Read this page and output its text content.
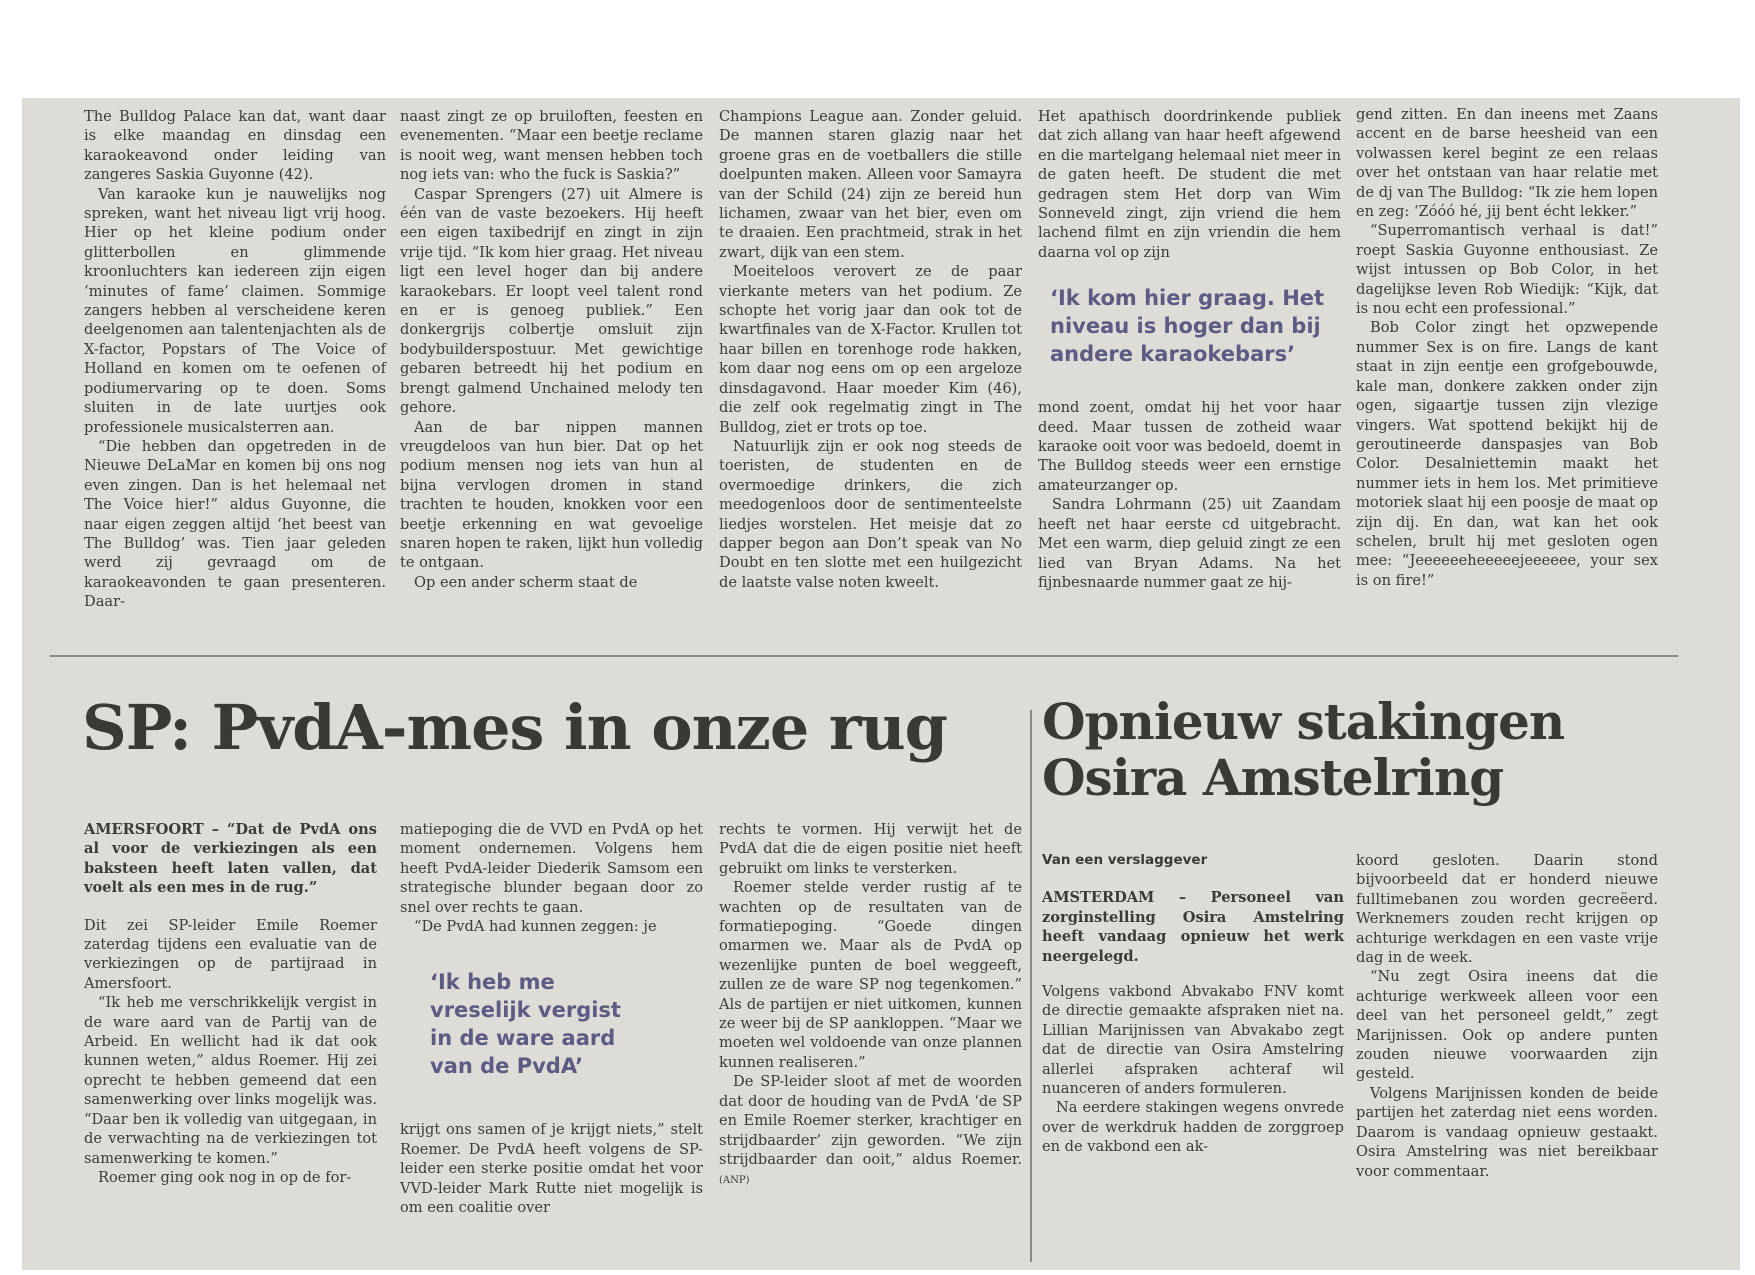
The Bulldog Palace kan dat, want daar is elke maandag en dinsdag een karaokeavond onder leiding van zangeres Saskia Guyonne (42).

Van karaoke kun je nauwelijks nog spreken, want het niveau ligt vrij hoog. Hier op het kleine podium onder glitterbollen en glimmende kroonluchters kan iedereen zijn eigen ‘minutes of fame’ claimen. Sommige zangers hebben al verscheidene keren deelgenomen aan talentenjachten als de X-factor, Popstars of The Voice of Holland en komen om te oefenen of podiumervaring op te doen. Soms sluiten in de late uurtjes ook professionele musicalsterren aan.

“Die hebben dan opgetreden in de Nieuwe DeLaMar en komen bij ons nog even zingen. Dan is het helemaal net The Voice hier!” aldus Guyonne, die naar eigen zeggen altijd ‘het beest van The Bulldog’ was. Tien jaar geleden werd zij gevraagd om de karaokeavonden te gaan presenteren. Daar-

naast zingt ze op bruiloften, feesten en evenementen. “Maar een beetje reclame is nooit weg, want mensen hebben toch nog iets van: who the fuck is Saskia?”

Caspar Sprengers (27) uit Almere is één van de vaste bezoekers. Hij heeft een eigen taxibedrijf en zingt in zijn vrije tijd. “Ik kom hier graag. Het niveau ligt een level hoger dan bij andere karaokebars. Er loopt veel talent rond en er is genoeg publiek.” Een donkergrijs colbertje omsluit zijn bodybuilderspostuur. Met gewichtige gebaren betreedt hij het podium en brengt galmend Unchained melody ten gehore.

Aan de bar nippen mannen vreugdeloos van hun bier. Dat op het podium mensen nog iets van hun al bijna vervlogen dromen in stand trachten te houden, knokken voor een beetje erkenning en wat gevoelige snaren hopen te raken, lijkt hun volledig te ontgaan.

Op een ander scherm staat de

Champions League aan. Zonder geluid. De mannen staren glazig naar het groene gras en de voetballers die stille doelpunten maken. Alleen voor Samayra van der Schild (24) zijn ze bereid hun lichamen, zwaar van het bier, even om te draaien. Een prachtmeid, strak in het zwart, dijk van een stem.

Moeiteloos verovert ze de paar vierkante meters van het podium. Ze schopte het vorig jaar dan ook tot de kwartfinales van de X-Factor. Krullen tot haar billen en torenhoge rode hakken, kom daar nog eens om op een argeloze dinsdagavond. Haar moeder Kim (46), die zelf ook regelmatig zingt in The Bulldog, ziet er trots op toe.

Natuurlijk zijn er ook nog steeds de toeristen, de studenten en de overmoedige drinkers, die zich meedogenloos door de sentimenteelste liedjes worstelen. Het meisje dat zo dapper begon aan Don’t speak van No Doubt en ten slotte met een huilgezicht de laatste valse noten kweelt.

Het apathisch doordrinkende publiek dat zich allang van haar heeft afgewend en die martelgang helemaal niet meer in de gaten heeft. De student die met gedragen stem Het dorp van Wim Sonneveld zingt, zijn vriend die hem lachend filmt en zijn vriendin die hem daarna vol op zijn

‘Ik kom hier graag. Het niveau is hoger dan bij andere karaokebars’

mond zoent, omdat hij het voor haar deed. Maar tussen de zotheid waar karaoke ooit voor was bedoeld, doemt in The Bulldog steeds weer een ernstige amateurzanger op.

Sandra Lohrmann (25) uit Zaandam heeft net haar eerste cd uitgebracht. Met een warm, diep geluid zingt ze een lied van Bryan Adams. Na het fijnbesnaarde nummer gaat ze hij-

gend zitten. En dan ineens met Zaans accent en de barse heesheid van een volwassen kerel begint ze een relaas over het ontstaan van haar relatie met de dj van The Bulldog: “Ik zie hem lopen en zeg: ‘Zóóó hé, jij bent écht lekker.”

“Superromantisch verhaal is dat!” roept Saskia Guyonne enthousiast. Ze wijst intussen op Bob Color, in het dagelijkse leven Rob Wiedijk: “Kijk, dat is nou echt een professional.”

Bob Color zingt het opzwepende nummer Sex is on fire. Langs de kant staat in zijn eentje een grofgebouwde, kale man, donkere zakken onder zijn ogen, sigaartje tussen zijn vlezige vingers. Wat spottend bekijkt hij de geroutineerde danspasjes van Bob Color. Desalniettemin maakt het nummer iets in hem los. Met primitieve motoriek slaat hij een poosje de maat op zijn dij. En dan, wat kan het ook schelen, brult hij met gesloten ogen mee: “Jeeeeeeheeeeejeeeeee, your sex is on fire!”

SP: PvdA-mes in onze rug

AMERSFOORT – “Dat de PvdA ons al voor de verkiezingen als een baksteen heeft laten vallen, dat voelt als een mes in de rug.”

Dit zei SP-leider Emile Roemer zaterdag tijdens een evaluatie van de verkiezingen op de partijraad in Amersfoort.

“Ik heb me verschrikkelijk vergist in de ware aard van de Partij van de Arbeid. En wellicht had ik dat ook kunnen weten,” aldus Roemer. Hij zei oprecht te hebben gemeend dat een samenwerking over links mogelijk was. “Daar ben ik volledig van uitgegaan, in de verwachting na de verkiezingen tot samenwerking te komen.”

Roemer ging ook nog in op de for-

matiepoging die de VVD en PvdA op het moment ondernemen. Volgens hem heeft PvdA-leider Diederik Samsom een strategische blunder begaan door zo snel over rechts te gaan.

“De PvdA had kunnen zeggen: je

‘Ik heb me vreselijk vergist in de ware aard van de PvdA’

krijgt ons samen of je krijgt niets,” stelt Roemer. De PvdA heeft volgens de SP-leider een sterke positie omdat het voor VVD-leider Mark Rutte niet mogelijk is om een coalitie over

rechts te vormen. Hij verwijt het de PvdA dat die de eigen positie niet heeft gebruikt om links te versterken.

Roemer stelde verder rustig af te wachten op de resultaten van de formatiepoging. “Goede dingen omarmen we. Maar als de PvdA op wezenlijke punten de boel weggeeft, zullen ze de ware SP nog tegenkomen.” Als de partijen er niet uitkomen, kunnen ze weer bij de SP aankloppen. “Maar we moeten wel voldoende van onze plannen kunnen realiseren.”

De SP-leider sloot af met de woorden dat door de houding van de PvdA ‘de SP en Emile Roemer sterker, krachtiger en strijdbaarder’ zijn geworden. “We zijn strijdbaarder dan ooit,” aldus Roemer. (ANP)

Opnieuw stakingen
Osira Amstelring
Van een verslaggever

AMSTERDAM – Personeel van zorginstelling Osira Amstelring heeft vandaag opnieuw het werk neergelegd.

Volgens vakbond Abvakabo FNV komt de directie gemaakte afspraken niet na. Lillian Marijnissen van Abvakabo zegt dat de directie van Osira Amstelring allerlei afspraken achteraf wil nuanceren of anders formuleren.

Na eerdere stakingen wegens onvrede over de werkdruk hadden de zorggroep en de vakbond een ak-

koord gesloten. Daarin stond bijvoorbeeld dat er honderd nieuwe fulltimebanen zou worden gecreëerd. Werknemers zouden recht krijgen op achturige werkdagen en een vaste vrije dag in de week.

“Nu zegt Osira ineens dat die achturige werkweek alleen voor een deel van het personeel geldt,” zegt Marijnissen. Ook op andere punten zouden nieuwe voorwaarden zijn gesteld.

Volgens Marijnissen konden de beide partijen het zaterdag niet eens worden. Daarom is vandaag opnieuw gestaakt. Osira Amstelring was niet bereikbaar voor commentaar.
